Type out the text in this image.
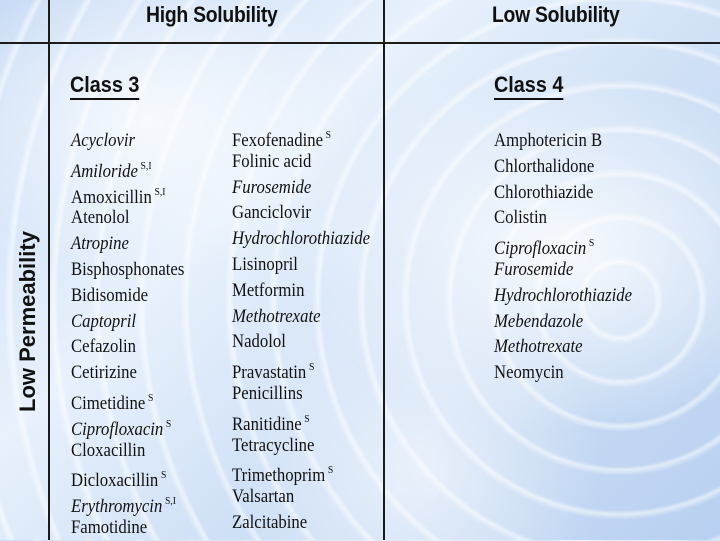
High Solubility	Low Solubility
Low Permeability
Class 3	Class 4
Acyclovir
Amiloride $^{S,I}$
Amoxicillin $^{S,I}$
Atenolol
Atropine
Bisphosphonates
Bidisomide
Captopril
Cefazolin
Cetirizine
Cimetidine $^S$
Ciprofloxacin $^S$
Cloxacillin
Dicloxacillin $^S$
Erythromycin $^{S,I}$
Famotidine
Fexofenadine $^S$
Folinic acid
Furosemide
Ganciclovir
Hydrochlorothiazide
Lisinopril
Metformin
Methotrexate
Nadolol
Pravastatin $^S$
Penicillins
Ranitidine $^S$
Tetracycline
Trimethoprim $^S$
Valsartan
Zalcitabine
Amphotericin B
Chlorthalidone
Chlorothiazide
Colistin
Ciprofloxacin $^S$
Furosemide
Hydrochlorothiazide
Mebendazole
Methotrexate
Neomycin
